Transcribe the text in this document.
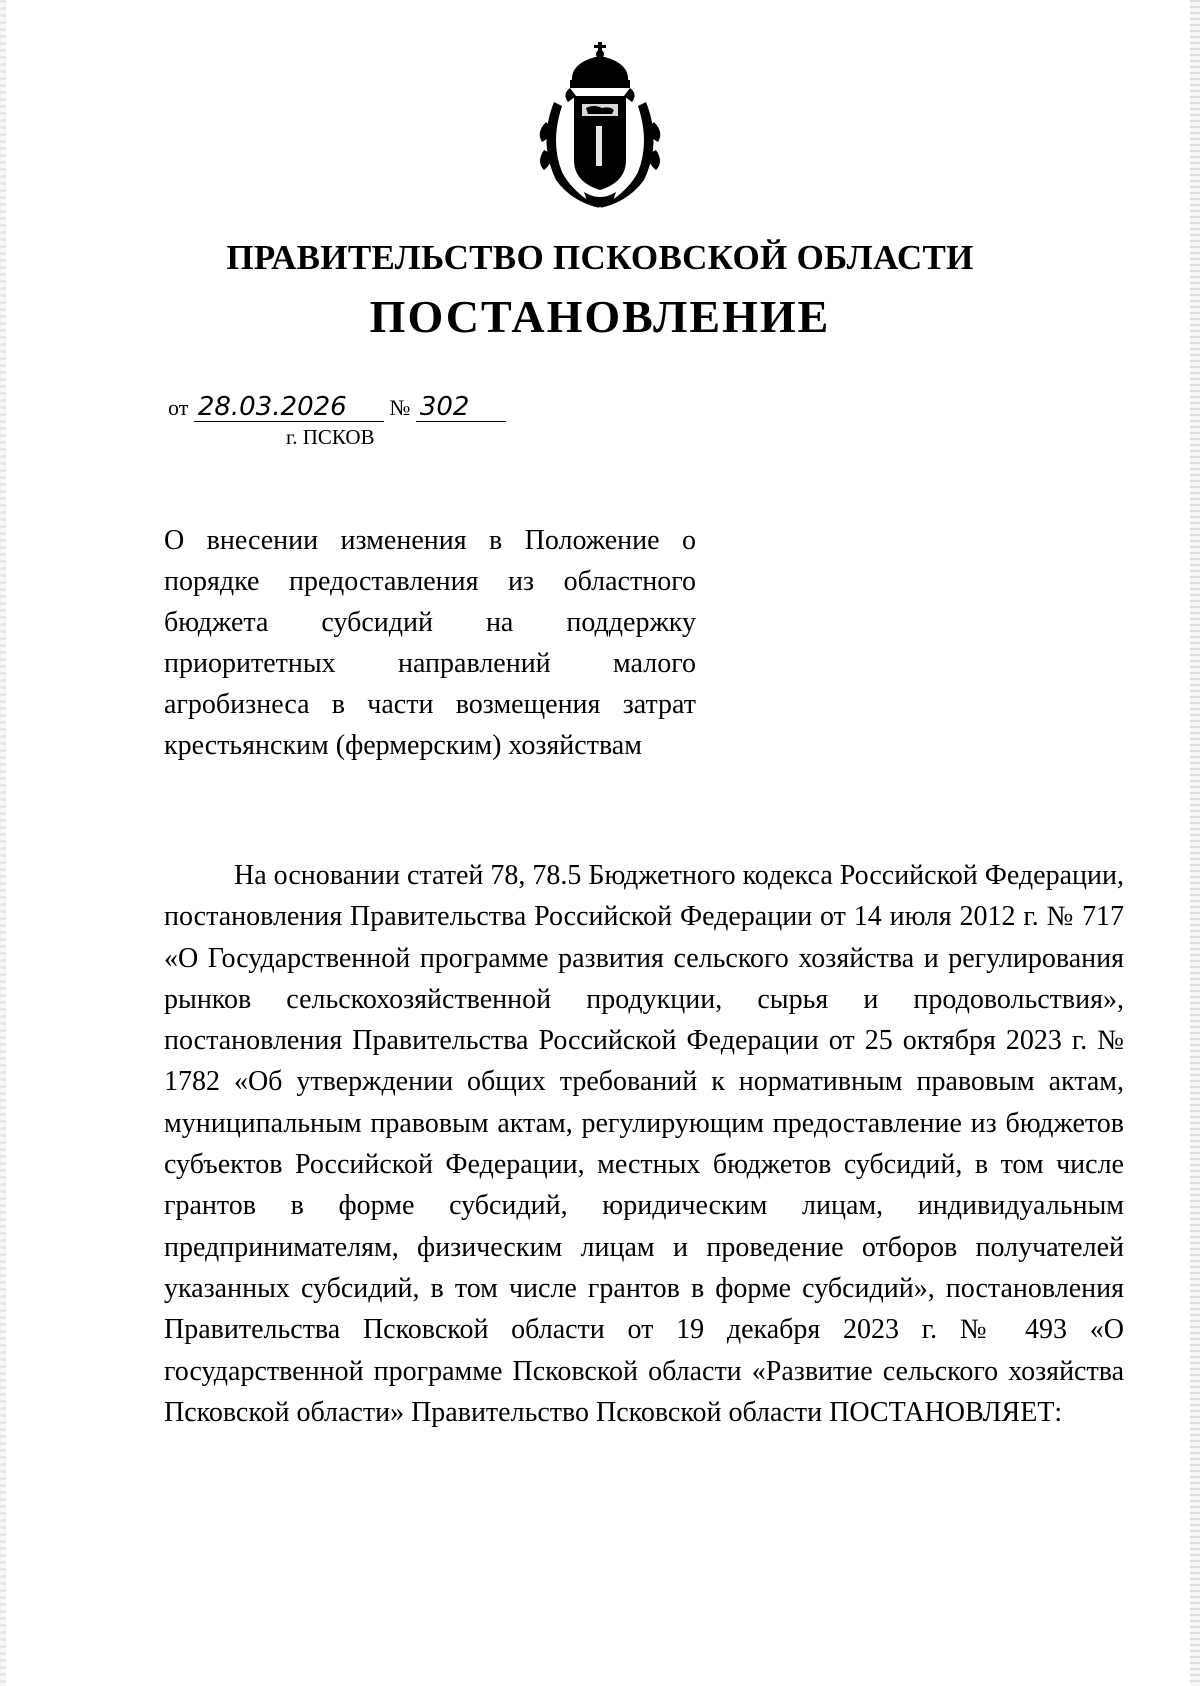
ПРАВИТЕЛЬСТВО ПСКОВСКОЙ ОБЛАСТИ
ПОСТАНОВЛЕНИЕ
от 28.03.2026 № 302
г. ПСКОВ

О внесении изменения в Положение о порядке предоставления из областного бюджета субсидий на поддержку приоритетных направлений малого агробизнеса в части возмещения затрат крестьянским (фермерским) хозяйствам

На основании статей 78, 78.5 Бюджетного кодекса Российской Федерации, постановления Правительства Российской Федерации от 14 июля 2012 г. № 717 «О Государственной программе развития сельского хозяйства и регулирования рынков сельскохозяйственной продукции, сырья и продовольствия», постановления Правительства Российской Федерации от 25 октября 2023 г. № 1782 «Об утверждении общих требований к нормативным правовым актам, муниципальным правовым актам, регулирующим предоставление из бюджетов субъектов Российской Федерации, местных бюджетов субсидий, в том числе грантов в форме субсидий, юридическим лицам, индивидуальным предпринимателям, физическим лицам и проведение отборов получателей указанных субсидий, в том числе грантов в форме субсидий», постановления Правительства Псковской области от 19 декабря 2023 г. № 493 «О государственной программе Псковской области «Развитие сельского хозяйства Псковской области» Правительство Псковской области ПОСТАНОВЛЯЕТ:
